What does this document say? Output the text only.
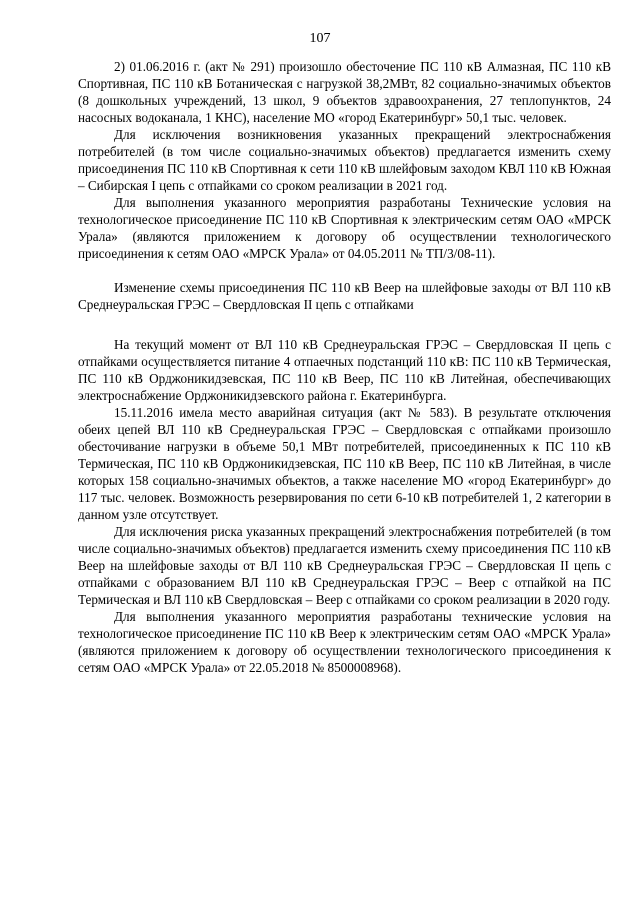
107

2) 01.06.2016 г. (акт № 291) произошло обесточение ПС 110 кВ Алмазная, ПС 110 кВ Спортивная, ПС 110 кВ Ботаническая с нагрузкой 38,2МВт, 82 социально-значимых объектов (8 дошкольных учреждений, 13 школ, 9 объектов здравоохранения, 27 теплопунктов, 24 насосных водоканала, 1 КНС), население МО «город Екатеринбург» 50,1 тыс. человек.

Для исключения возникновения указанных прекращений электроснабжения потребителей (в том числе социально-значимых объектов) предлагается изменить схему присоединения ПС 110 кВ Спортивная к сети 110 кВ шлейфовым заходом КВЛ 110 кВ Южная – Сибирская I цепь с отпайками со сроком реализации в 2021 год.

Для выполнения указанного мероприятия разработаны Технические условия на технологическое присоединение ПС 110 кВ Спортивная к электрическим сетям ОАО «МРСК Урала» (являются приложением к договору об осуществлении технологического присоединения к сетям ОАО «МРСК Урала» от 04.05.2011 № ТП/3/08-11).

Изменение схемы присоединения ПС 110 кВ Веер на шлейфовые заходы от ВЛ 110 кВ Среднеуральская ГРЭС – Свердловская II цепь с отпайками

На текущий момент от ВЛ 110 кВ Среднеуральская ГРЭС – Свердловская II цепь с отпайками осуществляется питание 4 отпаечных подстанций 110 кВ: ПС 110 кВ Термическая, ПС 110 кВ Орджоникидзевская, ПС 110 кВ Веер, ПС 110 кВ Литейная, обеспечивающих электроснабжение Орджоникидзевского района г. Екатеринбурга.

15.11.2016 имела место аварийная ситуация (акт № 583). В результате отключения обеих цепей ВЛ 110 кВ Среднеуральская ГРЭС – Свердловская с отпайками произошло обесточивание нагрузки в объеме 50,1 МВт потребителей, присоединенных к ПС 110 кВ Термическая, ПС 110 кВ Орджоникидзевская, ПС 110 кВ Веер, ПС 110 кВ Литейная, в числе которых 158 социально-значимых объектов, а также население МО «город Екатеринбург» до 117 тыс. человек. Возможность резервирования по сети 6-10 кВ потребителей 1, 2 категории в данном узле отсутствует.

Для исключения риска указанных прекращений электроснабжения потребителей (в том числе социально-значимых объектов) предлагается изменить схему присоединения ПС 110 кВ Веер на шлейфовые заходы от ВЛ 110 кВ Среднеуральская ГРЭС – Свердловская II цепь с отпайками с образованием ВЛ 110 кВ Среднеуральская ГРЭС – Веер с отпайкой на ПС Термическая и ВЛ 110 кВ Свердловская – Веер с отпайками со сроком реализации в 2020 году.

Для выполнения указанного мероприятия разработаны технические условия на технологическое присоединение ПС 110 кВ Веер к электрическим сетям ОАО «МРСК Урала» (являются приложением к договору об осуществлении технологического присоединения к сетям ОАО «МРСК Урала» от 22.05.2018 № 8500008968).
